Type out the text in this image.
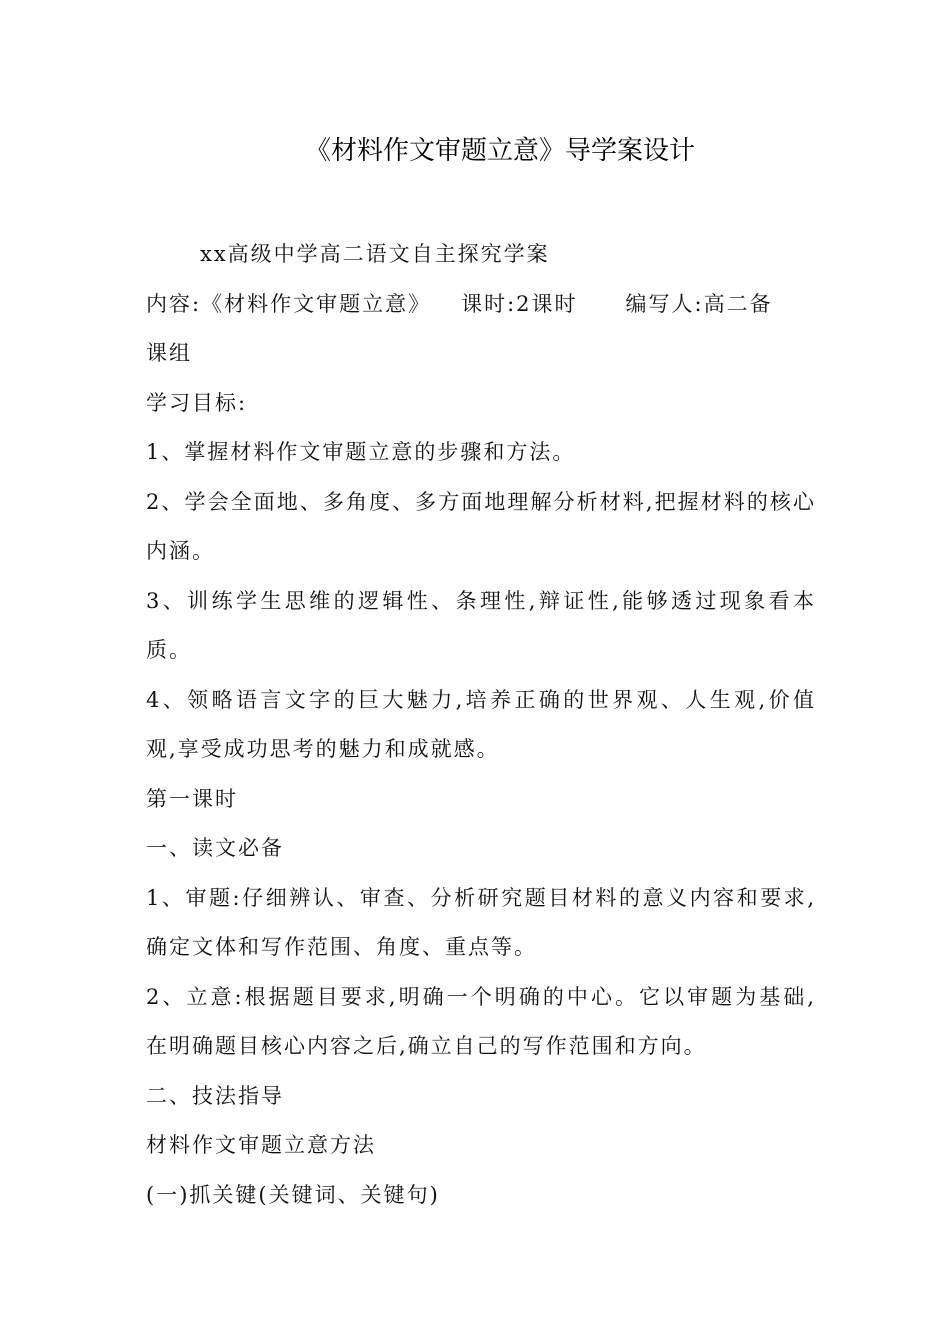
《材料作文审题立意》导学案设计
xx高级中学高二语文自主探究学案
内容:《材料作文审题立意》 课时:2课时 编写人:高二备
课组
学习目标:
1、掌握材料作文审题立意的步骤和方法。
2、学会全面地、多角度、多方面地理解分析材料,把握材料的核心
内涵。
3、训练学生思维的逻辑性、条理性,辩证性,能够透过现象看本
质。
4、领略语言文字的巨大魅力,培养正确的世界观、人生观,价值
观,享受成功思考的魅力和成就感。
第一课时
一、读文必备
1、审题:仔细辨认、审查、分析研究题目材料的意义内容和要求,
确定文体和写作范围、角度、重点等。
2、立意:根据题目要求,明确一个明确的中心。它以审题为基础,
在明确题目核心内容之后,确立自己的写作范围和方向。
二、技法指导
材料作文审题立意方法
(一)抓关键(关键词、关键句)
